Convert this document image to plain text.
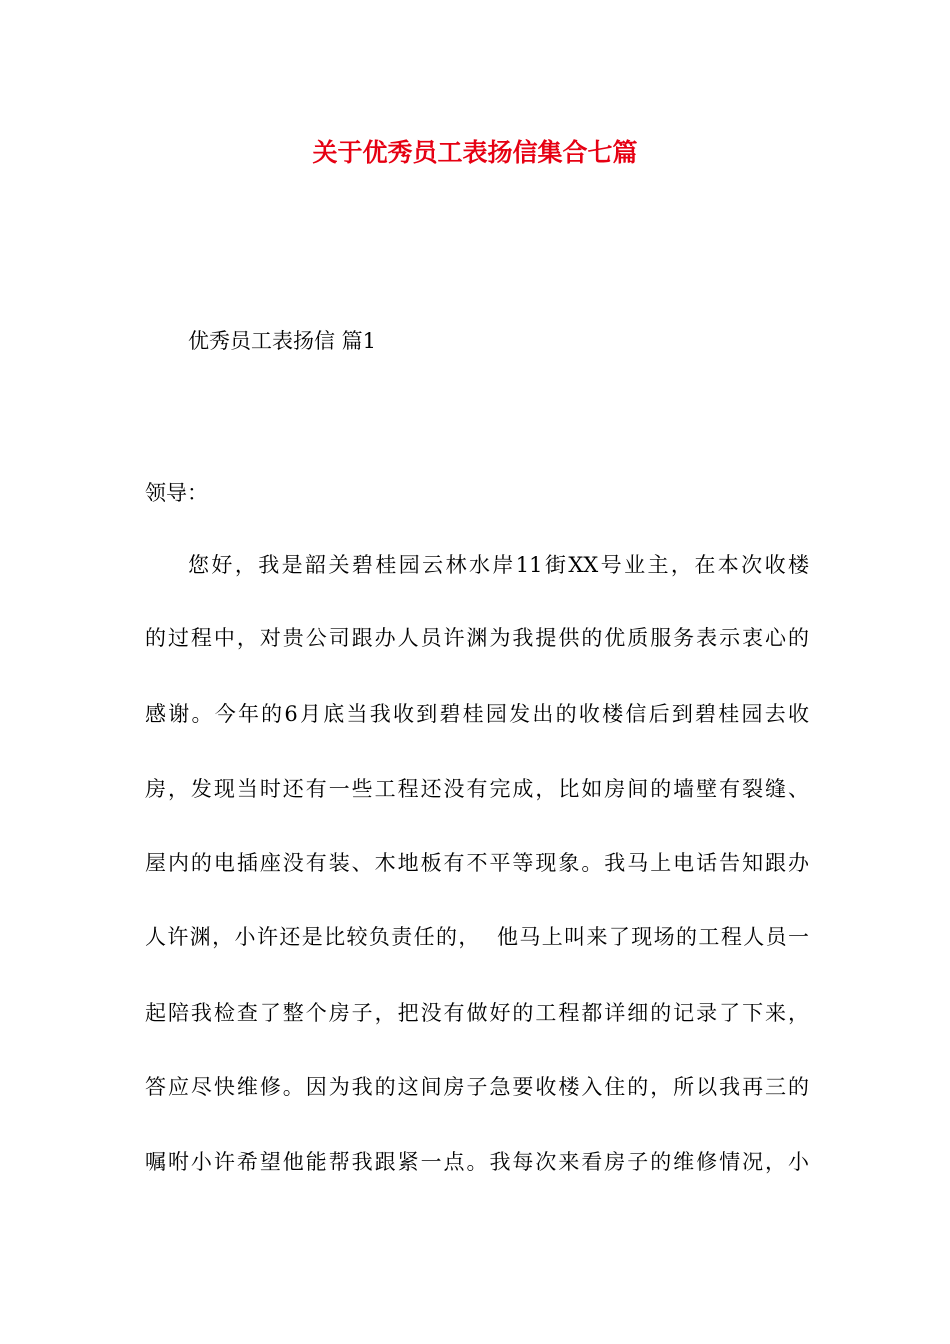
关于优秀员工表扬信集合七篇
优秀员工表扬信 篇1
领导：
您好，我是韶关碧桂园云林水岸11街XX号业主，在本次收楼
的过程中，对贵公司跟办人员许渊为我提供的优质服务表示衷心的
感谢。今年的6月底当我收到碧桂园发出的收楼信后到碧桂园去收
房，发现当时还有一些工程还没有完成，比如房间的墙壁有裂缝、
屋内的电插座没有装、木地板有不平等现象。我马上电话告知跟办
人许渊，小许还是比较负责任的，  他马上叫来了现场的工程人员一
起陪我检查了整个房子，把没有做好的工程都详细的记录了下来，
答应尽快维修。因为我的这间房子急要收楼入住的，所以我再三的
嘱咐小许希望他能帮我跟紧一点。我每次来看房子的维修情况，小
